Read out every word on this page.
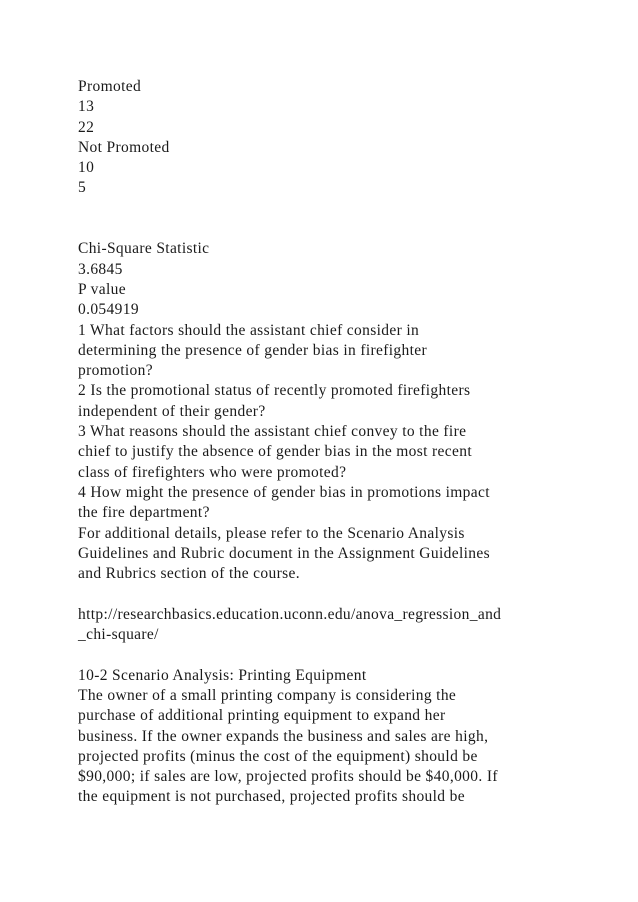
Promoted
13
22
Not Promoted
10
5
Chi-Square Statistic
3.6845
P value
0.054919
1 What factors should the assistant chief consider in
determining the presence of gender bias in firefighter
promotion?
2 Is the promotional status of recently promoted firefighters
independent of their gender?
3 What reasons should the assistant chief convey to the fire
chief to justify the absence of gender bias in the most recent
class of firefighters who were promoted?
4 How might the presence of gender bias in promotions impact
the fire department?
For additional details, please refer to the Scenario Analysis
Guidelines and Rubric document in the Assignment Guidelines
and Rubrics section of the course.
http://researchbasics.education.uconn.edu/anova_regression_and
_chi-square/
10-2 Scenario Analysis: Printing Equipment
The owner of a small printing company is considering the
purchase of additional printing equipment to expand her
business. If the owner expands the business and sales are high,
projected profits (minus the cost of the equipment) should be
$90,000; if sales are low, projected profits should be $40,000. If
the equipment is not purchased, projected profits should be
